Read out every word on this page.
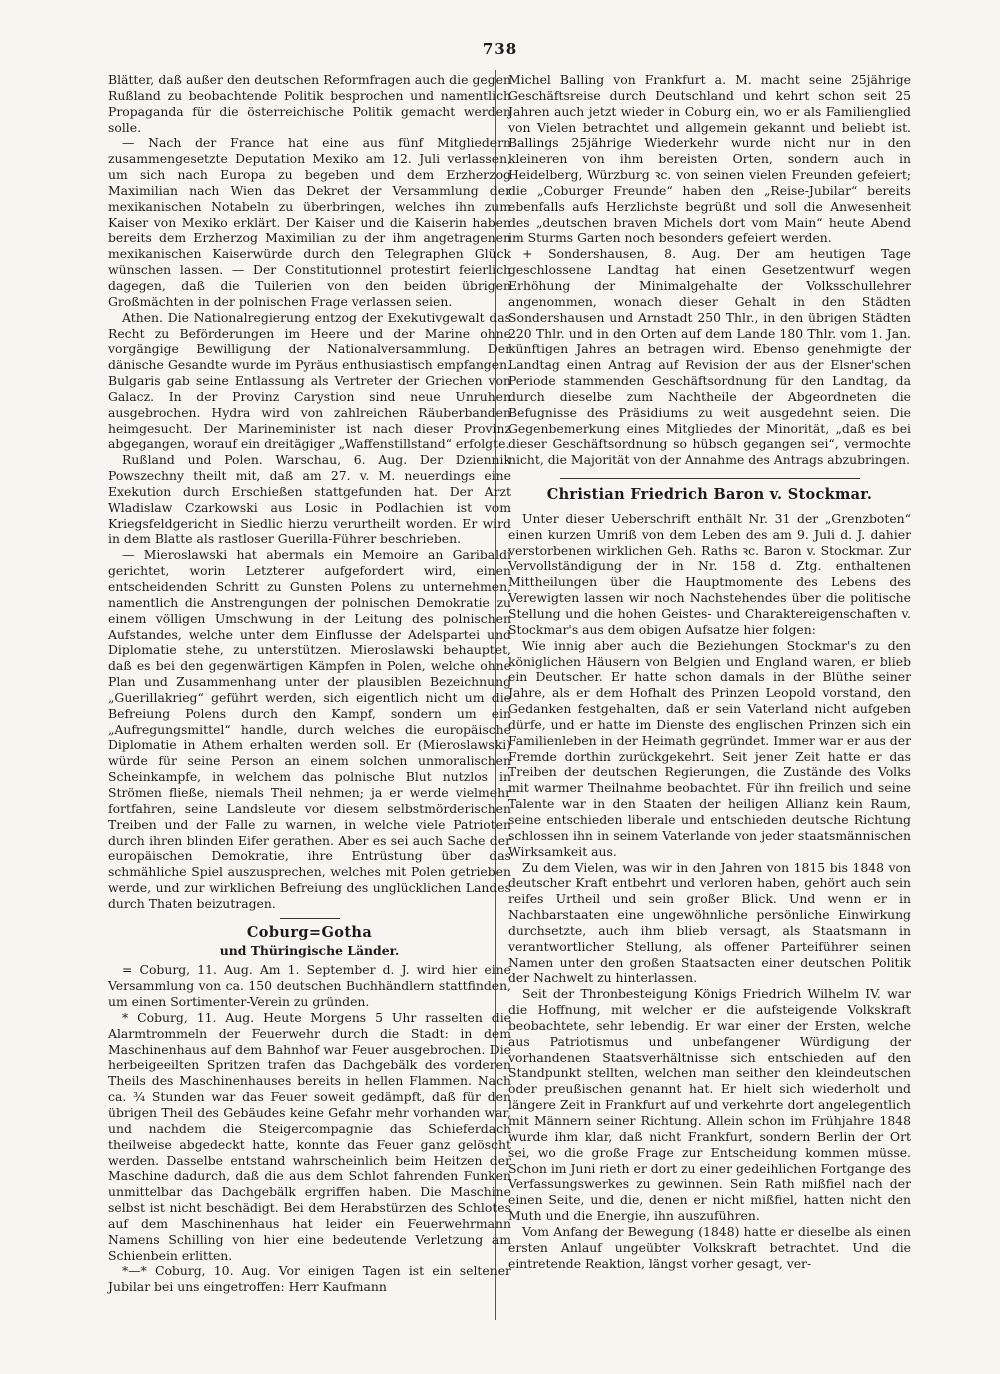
738

Blätter, daß außer den deutschen Reformfragen auch die gegen Rußland zu beobachtende Politik besprochen und namentlich Propaganda für die österreichische Politik gemacht werden solle.

— Nach der France hat eine aus fünf Mitgliedern zusammengesetzte Deputation Mexiko am 12. Juli verlassen, um sich nach Europa zu begeben und dem Erzherzog Maximilian nach Wien das Dekret der Versammlung der mexikanischen Notabeln zu überbringen, welches ihn zum Kaiser von Mexiko erklärt. Der Kaiser und die Kaiserin haben bereits dem Erzherzog Maximilian zu der ihm angetragenen mexikanischen Kaiserwürde durch den Telegraphen Glück wünschen lassen. — Der Constitutionnel protestirt feierlich dagegen, daß die Tuilerien von den beiden übrigen Großmächten in der polnischen Frage verlassen seien.

Athen. Die Nationalregierung entzog der Exekutivgewalt das Recht zu Beförderungen im Heere und der Marine ohne vorgängige Bewilligung der Nationalversammlung. Der dänische Gesandte wurde im Pyräus enthusiastisch empfangen. Bulgaris gab seine Entlassung als Vertreter der Griechen von Galacz. In der Provinz Carystion sind neue Unruhen ausgebrochen. Hydra wird von zahlreichen Räuberbanden heimgesucht. Der Marineminister ist nach dieser Provinz abgegangen, worauf ein dreitägiger „Waffenstillstand“ erfolgte.

Rußland und Polen. Warschau, 6. Aug. Der Dziennik Powszechny theilt mit, daß am 27. v. M. neuerdings eine Exekution durch Erschießen stattgefunden hat. Der Arzt Wladislaw Czarkowski aus Losic in Podlachien ist vom Kriegsfeldgericht in Siedlic hierzu verurtheilt worden. Er wird in dem Blatte als rastloser Guerilla-Führer beschrieben.

— Mieroslawski hat abermals ein Memoire an Garibaldi gerichtet, worin Letzterer aufgefordert wird, einen entscheidenden Schritt zu Gunsten Polens zu unternehmen, namentlich die Anstrengungen der polnischen Demokratie zu einem völligen Umschwung in der Leitung des polnischen Aufstandes, welche unter dem Einflusse der Adelspartei und Diplomatie stehe, zu unterstützen. Mieroslawski behauptet, daß es bei den gegenwärtigen Kämpfen in Polen, welche ohne Plan und Zusammenhang unter der plausiblen Bezeichnung „Guerillakrieg“ geführt werden, sich eigentlich nicht um die Befreiung Polens durch den Kampf, sondern um ein „Aufregungsmittel“ handle, durch welches die europäische Diplomatie in Athem erhalten werden soll. Er (Mieroslawski) würde für seine Person an einem solchen unmoralischen Scheinkampfe, in welchem das polnische Blut nutzlos in Strömen fließe, niemals Theil nehmen; ja er werde vielmehr fortfahren, seine Landsleute vor diesem selbstmörderischen Treiben und der Falle zu warnen, in welche viele Patrioten durch ihren blinden Eifer gerathen. Aber es sei auch Sache der europäischen Demokratie, ihre Entrüstung über das schmähliche Spiel auszusprechen, welches mit Polen getrieben werde, und zur wirklichen Befreiung des unglücklichen Landes durch Thaten beizutragen.

Coburg=Gotha
und Thüringische Länder.

= Coburg, 11. Aug. Am 1. September d. J. wird hier eine Versammlung von ca. 150 deutschen Buchhändlern stattfinden, um einen Sortimenter-Verein zu gründen.

* Coburg, 11. Aug. Heute Morgens 5 Uhr rasselten die Alarmtrommeln der Feuerwehr durch die Stadt: in dem Maschinenhaus auf dem Bahnhof war Feuer ausgebrochen. Die herbeigeeilten Spritzen trafen das Dachgebälk des vorderen Theils des Maschinenhauses bereits in hellen Flammen. Nach ca. ¾ Stunden war das Feuer soweit gedämpft, daß für den übrigen Theil des Gebäudes keine Gefahr mehr vorhanden war, und nachdem die Steigercompagnie das Schieferdach theilweise abgedeckt hatte, konnte das Feuer ganz gelöscht werden. Dasselbe entstand wahrscheinlich beim Heitzen der Maschine dadurch, daß die aus dem Schlot fahrenden Funken unmittelbar das Dachgebälk ergriffen haben. Die Maschine selbst ist nicht beschädigt. Bei dem Herabstürzen des Schlotes auf dem Maschinenhaus hat leider ein Feuerwehrmann Namens Schilling von hier eine bedeutende Verletzung am Schienbein erlitten.

*—* Coburg, 10. Aug. Vor einigen Tagen ist ein seltener Jubilar bei uns eingetroffen: Herr Kaufmann

Michel Balling von Frankfurt a. M. macht seine 25jährige Geschäftsreise durch Deutschland und kehrt schon seit 25 Jahren auch jetzt wieder in Coburg ein, wo er als Familienglied von Vielen betrachtet und allgemein gekannt und beliebt ist. Ballings 25jährige Wiederkehr wurde nicht nur in den kleineren von ihm bereisten Orten, sondern auch in Heidelberg, Würzburg ꝛc. von seinen vielen Freunden gefeiert; die „Coburger Freunde“ haben den „Reise-Jubilar“ bereits ebenfalls aufs Herzlichste begrüßt und soll die Anwesenheit des „deutschen braven Michels dort vom Main“ heute Abend im Sturms Garten noch besonders gefeiert werden.

+ Sondershausen, 8. Aug. Der am heutigen Tage geschlossene Landtag hat einen Gesetzentwurf wegen Erhöhung der Minimalgehalte der Volksschullehrer angenommen, wonach dieser Gehalt in den Städten Sondershausen und Arnstadt 250 Thlr., in den übrigen Städten 220 Thlr. und in den Orten auf dem Lande 180 Thlr. vom 1. Jan. künftigen Jahres an betragen wird. Ebenso genehmigte der Landtag einen Antrag auf Revision der aus der Elsner'schen Periode stammenden Geschäftsordnung für den Landtag, da durch dieselbe zum Nachtheile der Abgeordneten die Befugnisse des Präsidiums zu weit ausgedehnt seien. Die Gegenbemerkung eines Mitgliedes der Minorität, „daß es bei dieser Geschäftsordnung so hübsch gegangen sei“, vermochte nicht, die Majorität von der Annahme des Antrags abzubringen.

Christian Friedrich Baron v. Stockmar.

Unter dieser Ueberschrift enthält Nr. 31 der „Grenzboten“ einen kurzen Umriß von dem Leben des am 9. Juli d. J. dahier verstorbenen wirklichen Geh. Raths ꝛc. Baron v. Stockmar. Zur Vervollständigung der in Nr. 158 d. Ztg. enthaltenen Mittheilungen über die Hauptmomente des Lebens des Verewigten lassen wir noch Nachstehendes über die politische Stellung und die hohen Geistes- und Charaktereigenschaften v. Stockmar's aus dem obigen Aufsatze hier folgen:

Wie innig aber auch die Beziehungen Stockmar's zu den königlichen Häusern von Belgien und England waren, er blieb ein Deutscher. Er hatte schon damals in der Blüthe seiner Jahre, als er dem Hofhalt des Prinzen Leopold vorstand, den Gedanken festgehalten, daß er sein Vaterland nicht aufgeben dürfe, und er hatte im Dienste des englischen Prinzen sich ein Familienleben in der Heimath gegründet. Immer war er aus der Fremde dorthin zurückgekehrt. Seit jener Zeit hatte er das Treiben der deutschen Regierungen, die Zustände des Volks mit warmer Theilnahme beobachtet. Für ihn freilich und seine Talente war in den Staaten der heiligen Allianz kein Raum, seine entschieden liberale und entschieden deutsche Richtung schlossen ihn in seinem Vaterlande von jeder staatsmännischen Wirksamkeit aus.

Zu dem Vielen, was wir in den Jahren von 1815 bis 1848 von deutscher Kraft entbehrt und verloren haben, gehört auch sein reifes Urtheil und sein großer Blick. Und wenn er in Nachbarstaaten eine ungewöhnliche persönliche Einwirkung durchsetzte, auch ihm blieb versagt, als Staatsmann in verantwortlicher Stellung, als offener Parteiführer seinen Namen unter den großen Staatsacten einer deutschen Politik der Nachwelt zu hinterlassen.

Seit der Thronbesteigung Königs Friedrich Wilhelm IV. war die Hoffnung, mit welcher er die aufsteigende Volkskraft beobachtete, sehr lebendig. Er war einer der Ersten, welche aus Patriotismus und unbefangener Würdigung der vorhandenen Staatsverhältnisse sich entschieden auf den Standpunkt stellten, welchen man seither den kleindeutschen oder preußischen genannt hat. Er hielt sich wiederholt und längere Zeit in Frankfurt auf und verkehrte dort angelegentlich mit Männern seiner Richtung. Allein schon im Frühjahre 1848 wurde ihm klar, daß nicht Frankfurt, sondern Berlin der Ort sei, wo die große Frage zur Entscheidung kommen müsse. Schon im Juni rieth er dort zu einer gedeihlichen Fortgange des Verfassungswerkes zu gewinnen. Sein Rath mißfiel nach der einen Seite, und die, denen er nicht mißfiel, hatten nicht den Muth und die Energie, ihn auszuführen.

Vom Anfang der Bewegung (1848) hatte er dieselbe als einen ersten Anlauf ungeübter Volkskraft betrachtet. Und die eintretende Reaktion, längst vorher gesagt, ver-
